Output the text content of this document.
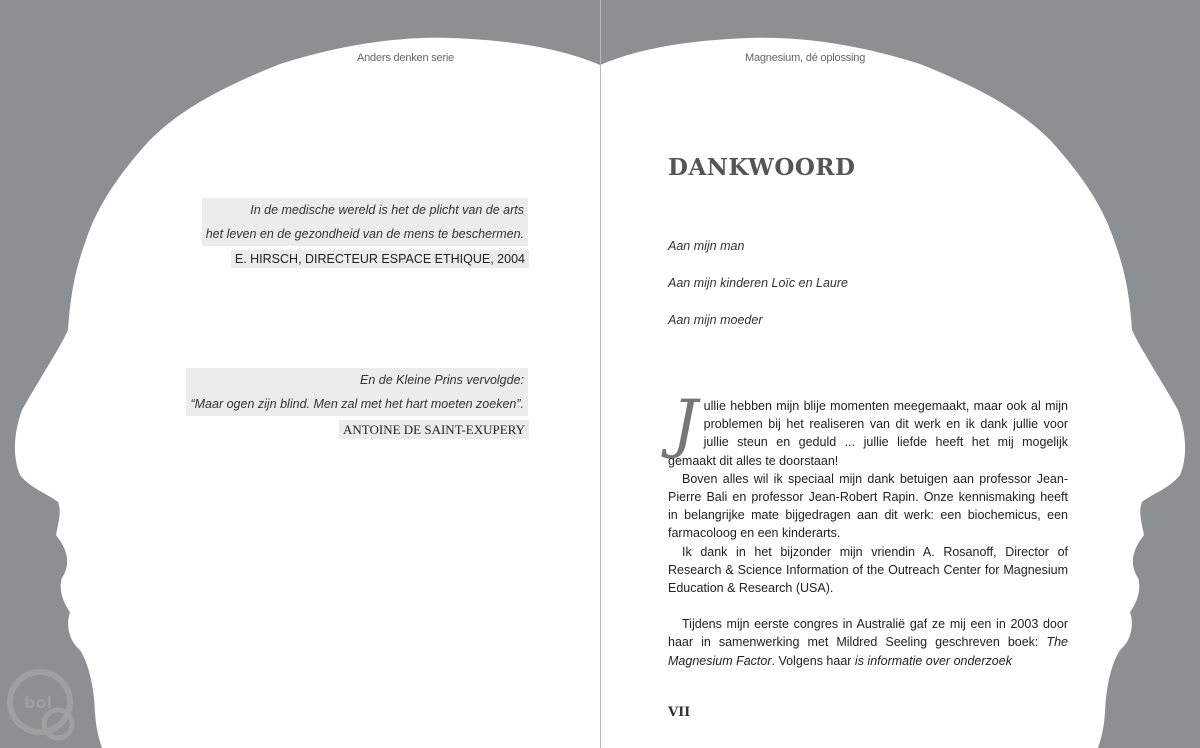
Anders denken serie
In de medische wereld is het de plicht van de arts
het leven en de gezondheid van de mens te beschermen.
E. HIRSCH, DIRECTEUR ESPACE ETHIQUE, 2004
En de Kleine Prins vervolgde:
“Maar ogen zijn blind. Men zal met het hart moeten zoeken”.
ANTOINE DE SAINT-EXUPERY
bol
Magnesium, dé oplossing
DANKWOORD
Aan mijn man
Aan mijn kinderen Loïc en Laure
Aan mijn moeder

Jullie hebben mijn blije momenten meegemaakt, maar ook al mijn problemen bij het realiseren van dit werk en ik dank jullie voor jullie steun en geduld ... jullie liefde heeft het mij mogelijk gemaakt dit alles te doorstaan!

Boven alles wil ik speciaal mijn dank betuigen aan professor Jean-Pierre Bali en professor Jean-Robert Rapin. Onze kennismaking heeft in belangrijke mate bijgedragen aan dit werk: een biochemicus, een farmacoloog en een kinderarts.

Ik dank in het bijzonder mijn vriendin A. Rosanoff, Director of Research & Science Information of the Outreach Center for Magnesium Education & Research (USA).

Tijdens mijn eerste congres in Australië gaf ze mij een in 2003 door haar in samenwerking met Mildred Seeling geschreven boek: The Magnesium Factor. Volgens haar is informatie over onderzoek

VII
